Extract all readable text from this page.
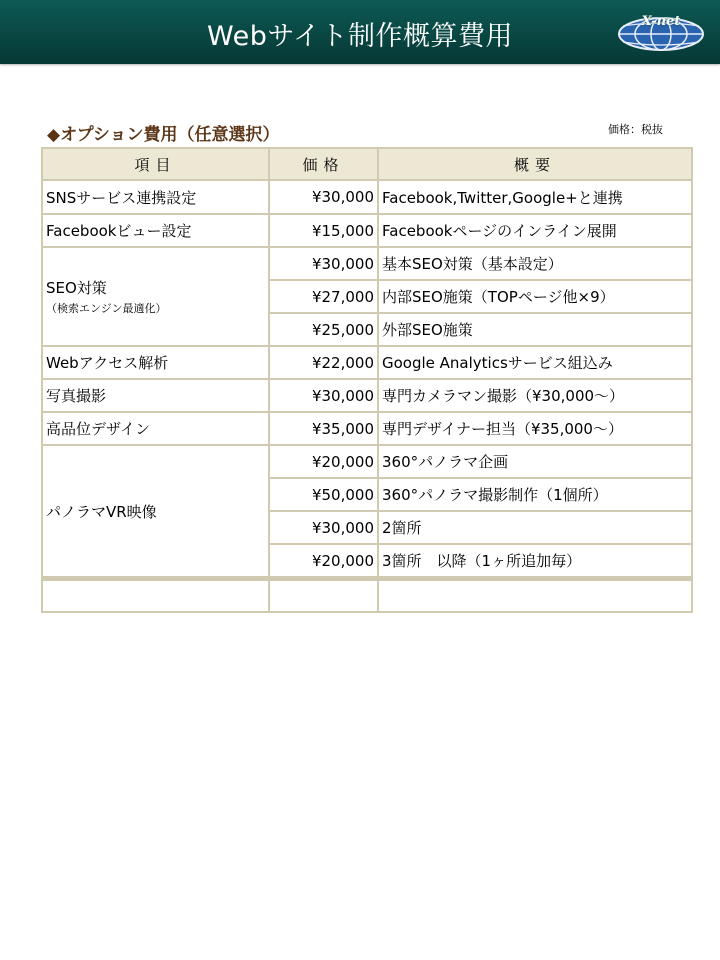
Webサイト制作概算費用	X-net
◆オプション費用（任意選択）	価格：税抜
項目	価格	概要
SNSサービス連携設定	¥30,000	Facebook,Twitter,Google+と連携
Facebookビュー設定	¥15,000	Facebookページのインライン展開
SEO対策
（検索エンジン最適化）	¥30,000	基本SEO対策（基本設定）
	¥27,000	内部SEO施策（TOPページ他×9）
	¥25,000	外部SEO施策
Webアクセス解析	¥22,000	Google Analyticsサービス組込み
写真撮影	¥30,000	専門カメラマン撮影（¥30,000～）
高品位デザイン	¥35,000	専門デザイナー担当（¥35,000～）
パノラマVR映像	¥20,000	360°パノラマ企画
	¥50,000	360°パノラマ撮影制作（1個所）
	¥30,000	2箇所
	¥20,000	3箇所　以降（1ヶ所追加毎）
